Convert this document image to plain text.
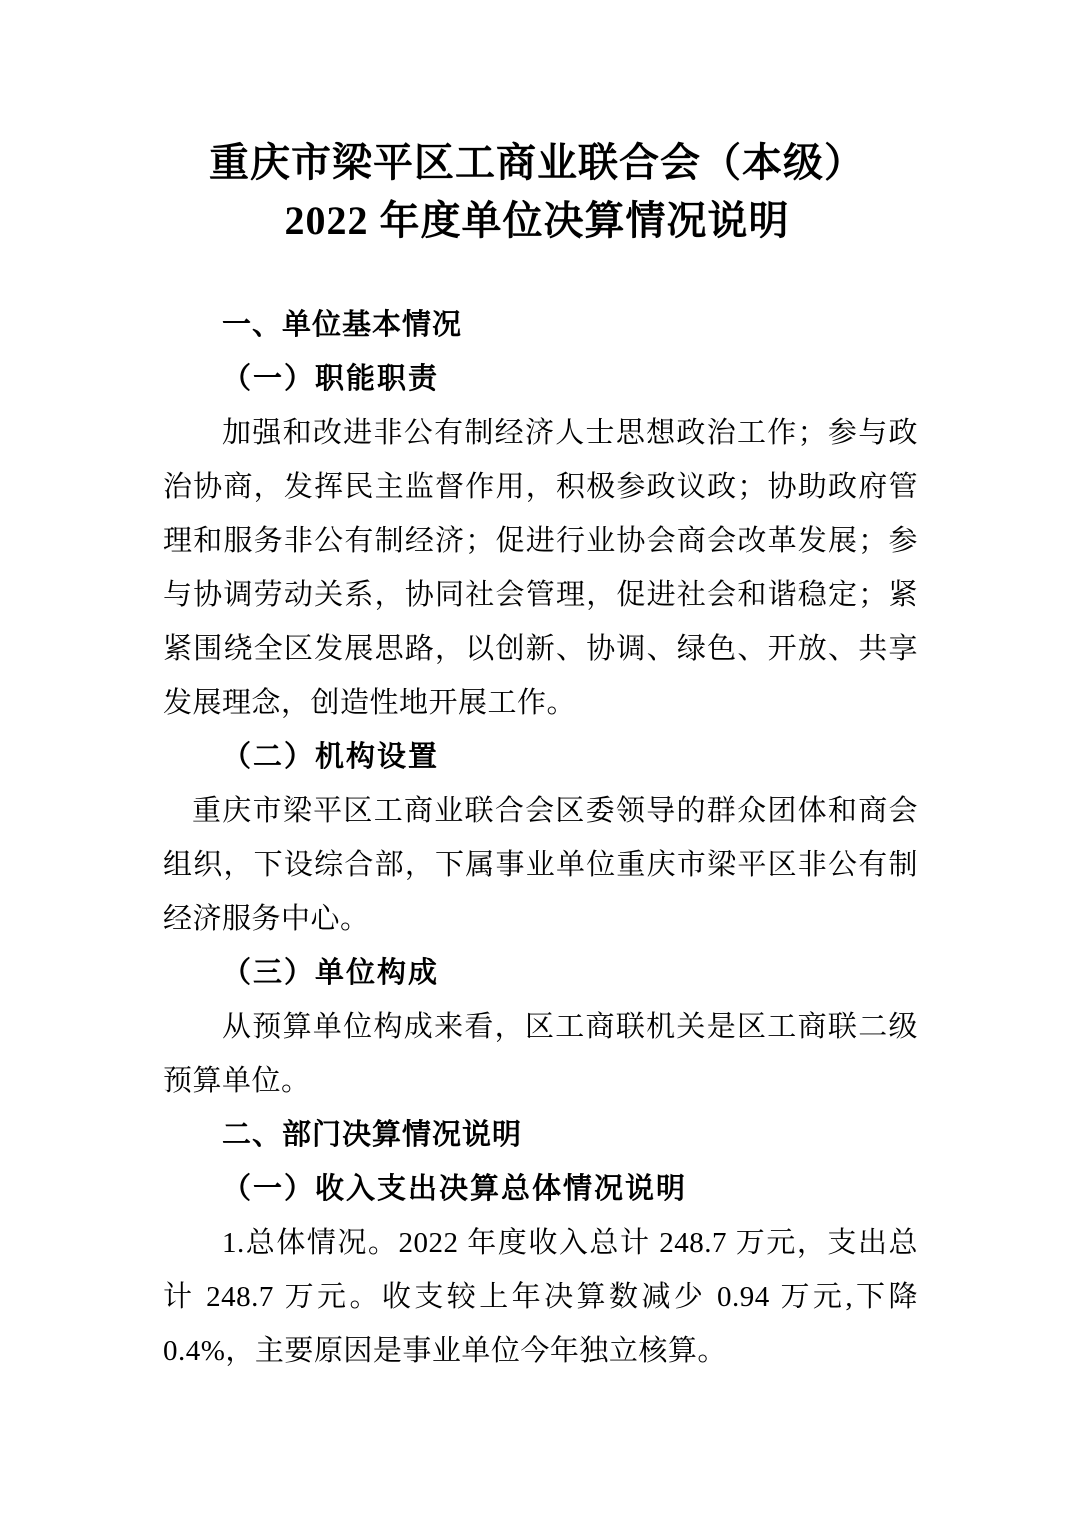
重庆市梁平区工商业联合会（本级）
2022 年度单位决算情况说明
一、单位基本情况
（一）职能职责

加强和改进非公有制经济人士思想政治工作；参与政治协商，发挥民主监督作用，积极参政议政；协助政府管理和服务非公有制经济；促进行业协会商会改革发展；参与协调劳动关系，协同社会管理，促进社会和谐稳定；紧紧围绕全区发展思路，以创新、协调、绿色、开放、共享发展理念，创造性地开展工作。

（二）机构设置

重庆市梁平区工商业联合会区委领导的群众团体和商会组织，下设综合部，下属事业单位重庆市梁平区非公有制经济服务中心。

（三）单位构成

从预算单位构成来看，区工商联机关是区工商联二级预算单位。

二、部门决算情况说明
（一）收入支出决算总体情况说明

1.总体情况。2022 年度收入总计 248.7 万元，支出总计 248.7 万元。收支较上年决算数减少 0.94 万元,下降 0.4%，主要原因是事业单位今年独立核算。
